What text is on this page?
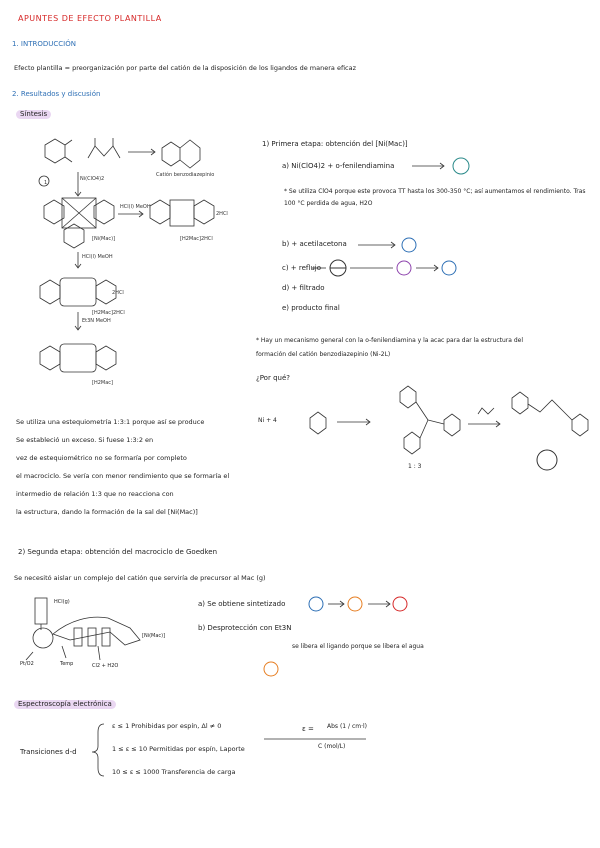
APUNTES DE EFECTO PLANTILLA
1. INTRODUCCIÓN
Efecto plantilla = preorganización por parte del catión de la disposición de los ligandos de manera eficaz
2. Resultados y discusión
Síntesis
1
Ni(ClO4)2
Catión benzodiazepinio
[Ni(Mac)]
HCl(l) MeOH
2HCl
[H2Mac]2HCl
HCl(l) MeOH
2HCl
[H2Mac]2HCl
Et3N MeOH
[H2Mac]
1) Primera etapa: obtención del [Ni(Mac)]
a) Ni(ClO4)2 + o-fenilendiamina
* Se utiliza ClO4 porque este provoca TT hasta los 300-350 °C; así aumentamos el rendimiento. Tras 100 °C perdida de agua, H2O
b) + acetilacetona
c) + reflujo
d) + filtrado
e) producto final
* Hay un mecanismo general con la o-fenilendiamina y la acac para dar la estructura del
formación del catión benzodiazepinio (Ni-2L)
¿Por qué?
Ni + 4
1 : 3
Se utiliza una estequiometría 1:3:1 porque así se produce
Se estableció un exceso. Si fuese 1:3:2 en
vez de estequiométrico no se formaría por completo
el macrociclo. Se vería con menor rendimiento que se formaría el
intermedio de relación 1:3 que no reacciona con
la estructura, dando la formación de la sal del [Ni(Mac)]
2) Segunda etapa: obtención del macrociclo de Goedken
Se necesitó aislar un complejo del catión que serviría de precursor al Mac (g)
a) Se obtiene sintetizado
b) Desprotección con Et3N
se libera el ligando porque se libera el agua
HCl(g)
[Ni(Mac)]
Pt/O2	Temp	Cl2 + H2O
Espectroscopía electrónica
Transiciones d-d
ε ≤ 1 Prohibidas por espín, Δl ≠ 0
1 ≤ ε ≤ 10 Permitidas por espín, Laporte
10 ≤ ε ≤ 1000 Transferencia de carga
ε =	Abs (1 / cm·l)
C (mol/L)
